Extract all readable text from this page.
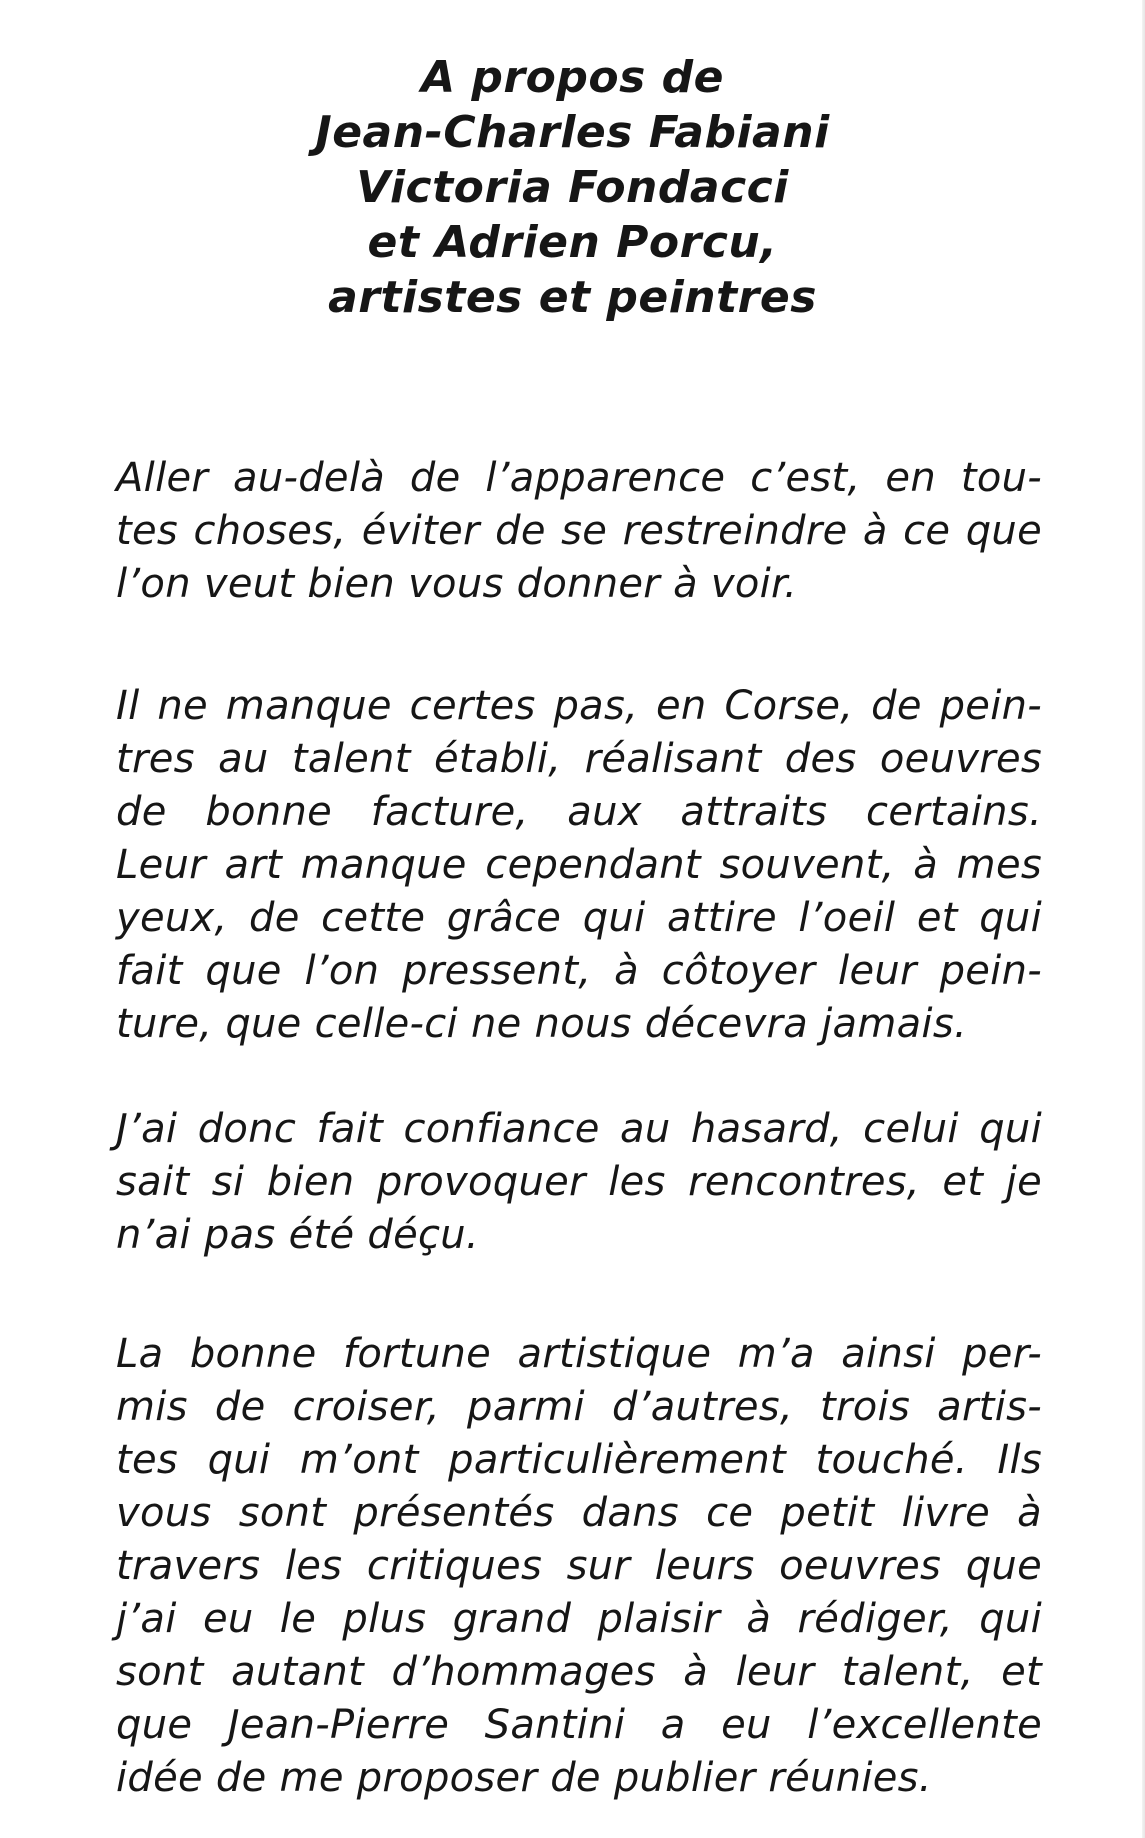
A propos de
Jean-Charles Fabiani
Victoria Fondacci
et Adrien Porcu,
artistes et peintres
Aller au-delà de l’apparence c’est, en tou-
tes choses, éviter de se restreindre à ce que
l’on veut bien vous donner à voir.
Il ne manque certes pas, en Corse, de pein-
tres au talent établi, réalisant des oeuvres
de bonne facture, aux attraits certains.
Leur art manque cependant souvent, à mes
yeux, de cette grâce qui attire l’oeil et qui
fait que l’on pressent, à côtoyer leur pein-
ture, que celle-ci ne nous décevra jamais.
J’ai donc fait confiance au hasard, celui qui
sait si bien provoquer les rencontres, et je
n’ai pas été déçu.
La bonne fortune artistique m’a ainsi per-
mis de croiser, parmi d’autres, trois artis-
tes qui m’ont particulièrement touché. Ils
vous sont présentés dans ce petit livre à
travers les critiques sur leurs oeuvres que
j’ai eu le plus grand plaisir à rédiger, qui
sont autant d’hommages à leur talent, et
que Jean-Pierre Santini a eu l’excellente
idée de me proposer de publier réunies.
